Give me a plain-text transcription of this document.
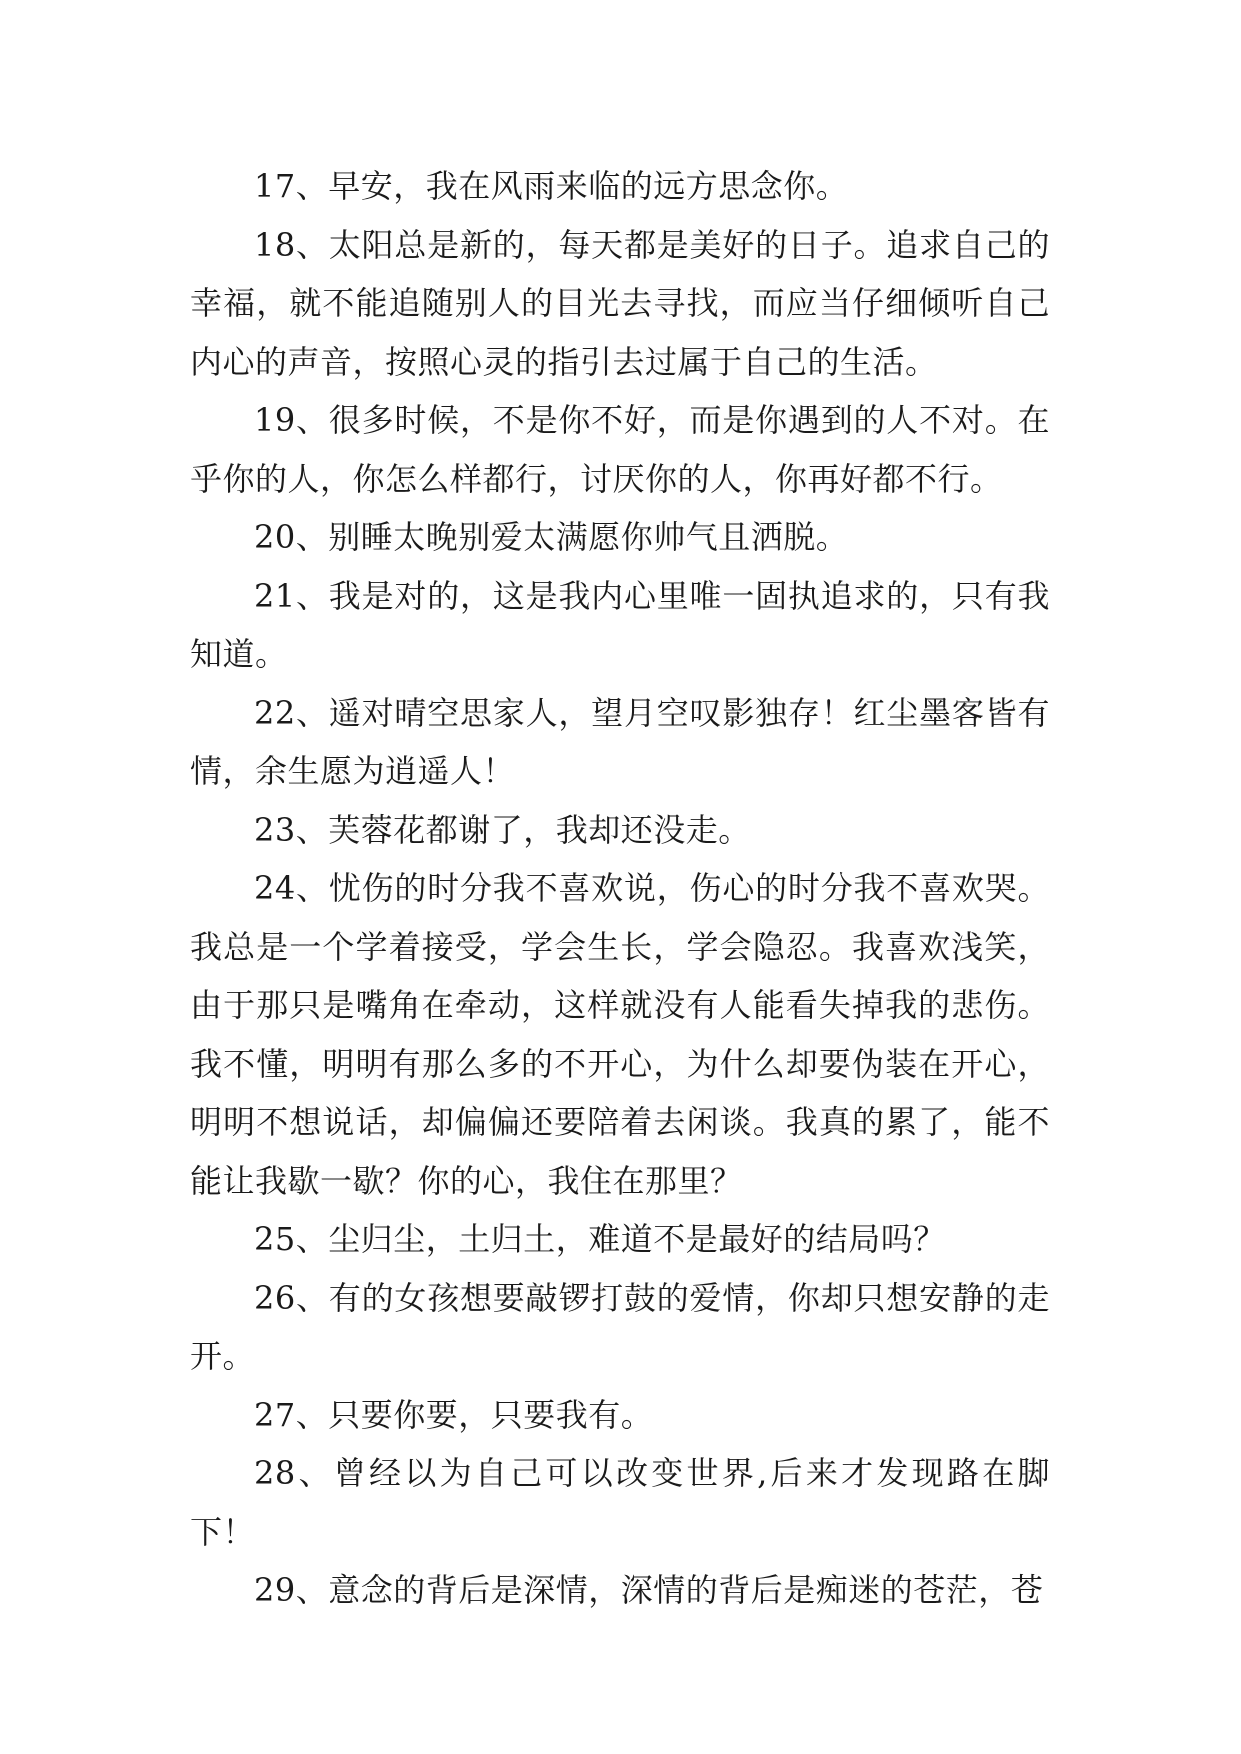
17、早安，我在风雨来临的远方思念你。

18、太阳总是新的，每天都是美好的日子。追求自己的幸福，就不能追随别人的目光去寻找，而应当仔细倾听自己内心的声音，按照心灵的指引去过属于自己的生活。

19、很多时候，不是你不好，而是你遇到的人不对。在乎你的人，你怎么样都行，讨厌你的人，你再好都不行。

20、别睡太晚别爱太满愿你帅气且洒脱。

21、我是对的，这是我内心里唯一固执追求的，只有我知道。

22、遥对晴空思家人，望月空叹影独存！红尘墨客皆有情，余生愿为逍遥人！

23、芙蓉花都谢了，我却还没走。

24、忧伤的时分我不喜欢说，伤心的时分我不喜欢哭。我总是一个学着接受，学会生长，学会隐忍。我喜欢浅笑，由于那只是嘴角在牵动，这样就没有人能看失掉我的悲伤。我不懂，明明有那么多的不开心，为什么却要伪装在开心，明明不想说话，却偏偏还要陪着去闲谈。我真的累了，能不能让我歇一歇？你的心，我住在那里？

25、尘归尘，土归土，难道不是最好的结局吗？

26、有的女孩想要敲锣打鼓的爱情，你却只想安静的走开。

27、只要你要，只要我有。

28、曾经以为自己可以改变世界,后来才发现路在脚下！

29、意念的背后是深情，深情的背后是痴迷的苍茫，苍
